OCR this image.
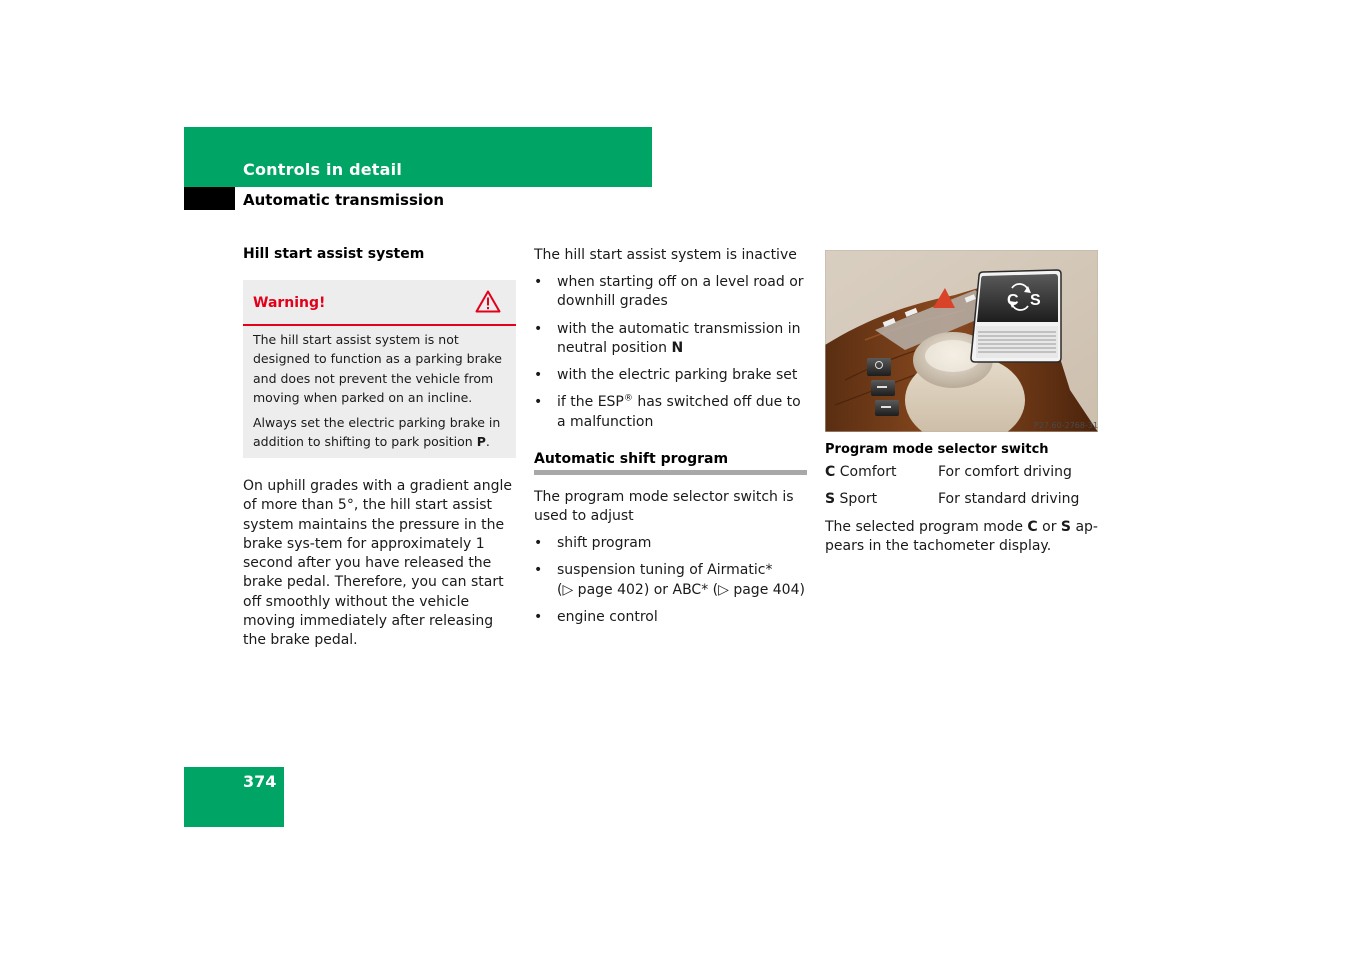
Controls in detail
Automatic transmission
Hill start assist system
Warning!
The hill start assist system is not designed to function as a parking brake and does not prevent the vehicle from moving when parked on an incline.
Always set the electric parking brake in addition to shifting to park position P.
On uphill grades with a gradient angle of more than 5°, the hill start assist system maintains the pressure in the brake sys-tem for approximately 1 second after you have released the brake pedal. Therefore, you can start off smoothly without the vehicle moving immediately after releasing the brake pedal.
The hill start assist system is inactive
• when starting off on a level road or downhill grades
• with the automatic transmission in neutral position N
• with the electric parking brake set
• if the ESP® has switched off due to a malfunction
Automatic shift program
The program mode selector switch is used to adjust
• shift program
• suspension tuning of Airmatic*
(▷ page 402) or ABC* (▷ page 404)
• engine control
C S
P27.60-2768-31
Program mode selector switch
C Comfort	For comfort driving
S Sport	For standard driving
The selected program mode C or S ap-pears in the tachometer display.
374
